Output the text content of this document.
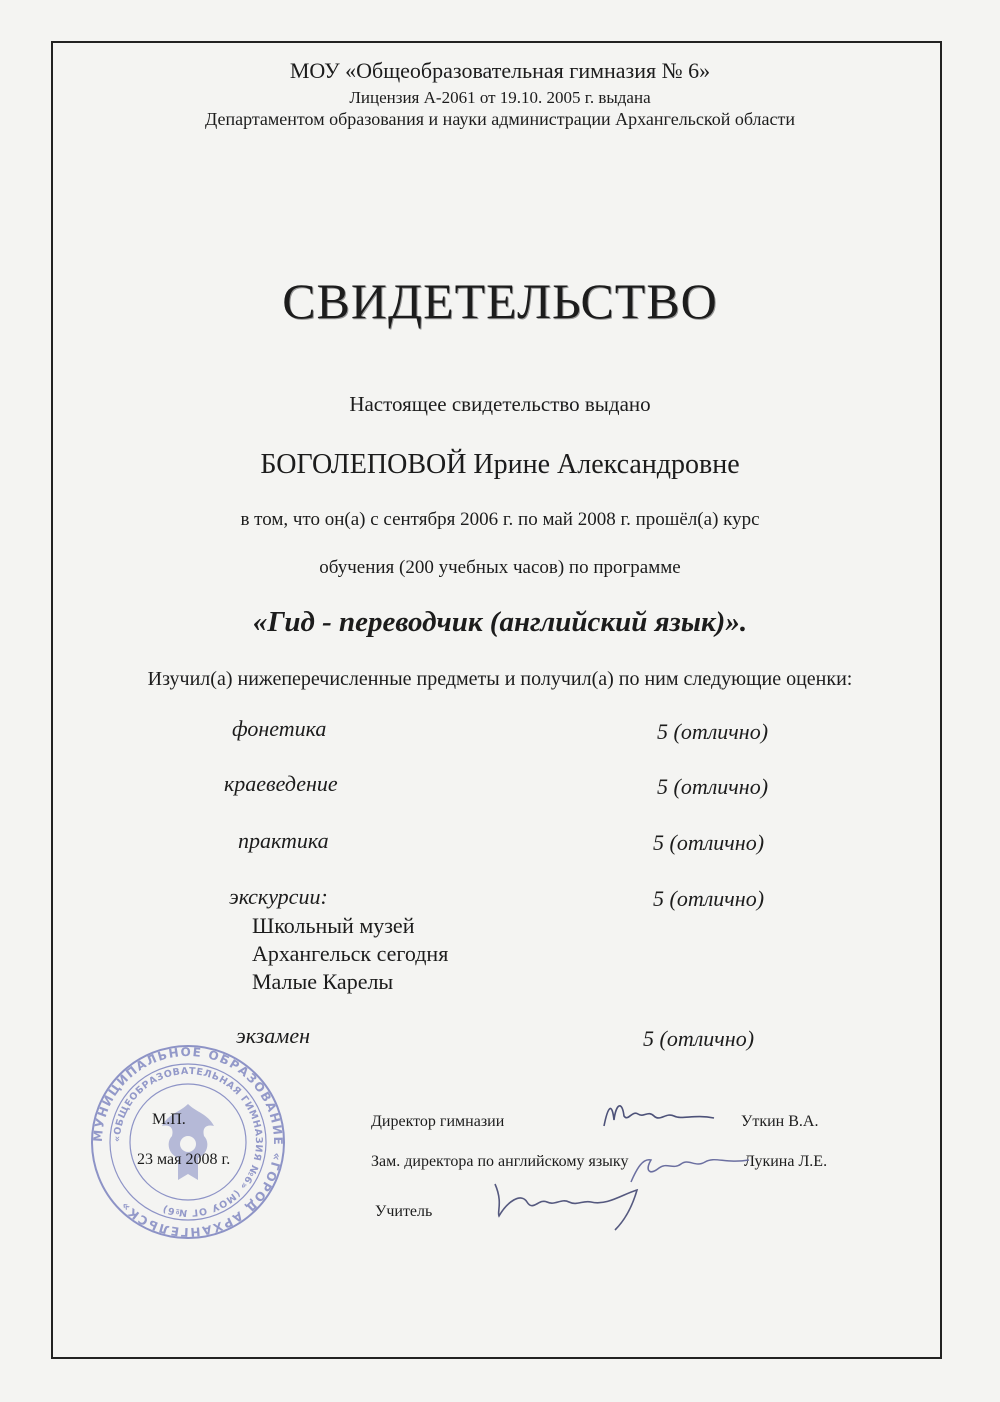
МОУ «Общеобразовательная гимназия № 6»
Лицензия А-2061 от 19.10. 2005 г. выдана
Департаментом образования и науки администрации Архангельской области
СВИДЕТЕЛЬСТВО
Настоящее свидетельство выдано
БОГОЛЕПОВОЙ Ирине Александровне
в том, что он(а) с сентября 2006 г. по май 2008 г. прошёл(а) курс
обучения (200 учебных часов) по программе
«Гид - переводчик (английский язык)».
Изучил(а) нижеперечисленные предметы и получил(а) по ним следующие оценки:
фонетика	5 (отлично)
краеведение	5 (отлично)
практика	5 (отлично)
экскурсии:	5 (отлично)
Школьный музей
Архангельск сегодня
Малые Карелы
экзамен	5 (отлично)
МУНИЦИПАЛЬНОЕ ОБРАЗОВАНИЕ «ГОРОД АРХАНГЕЛЬСК»
«ОБЩЕОБРАЗОВАТЕЛЬНАЯ ГИМНАЗИЯ №6» (МОУ ОГ №6)
М.П.
23 мая 2008 г.
Директор гимназии	Уткин В.А.
Зам. директора по английскому языку	Лукина Л.Е.
Учитель
